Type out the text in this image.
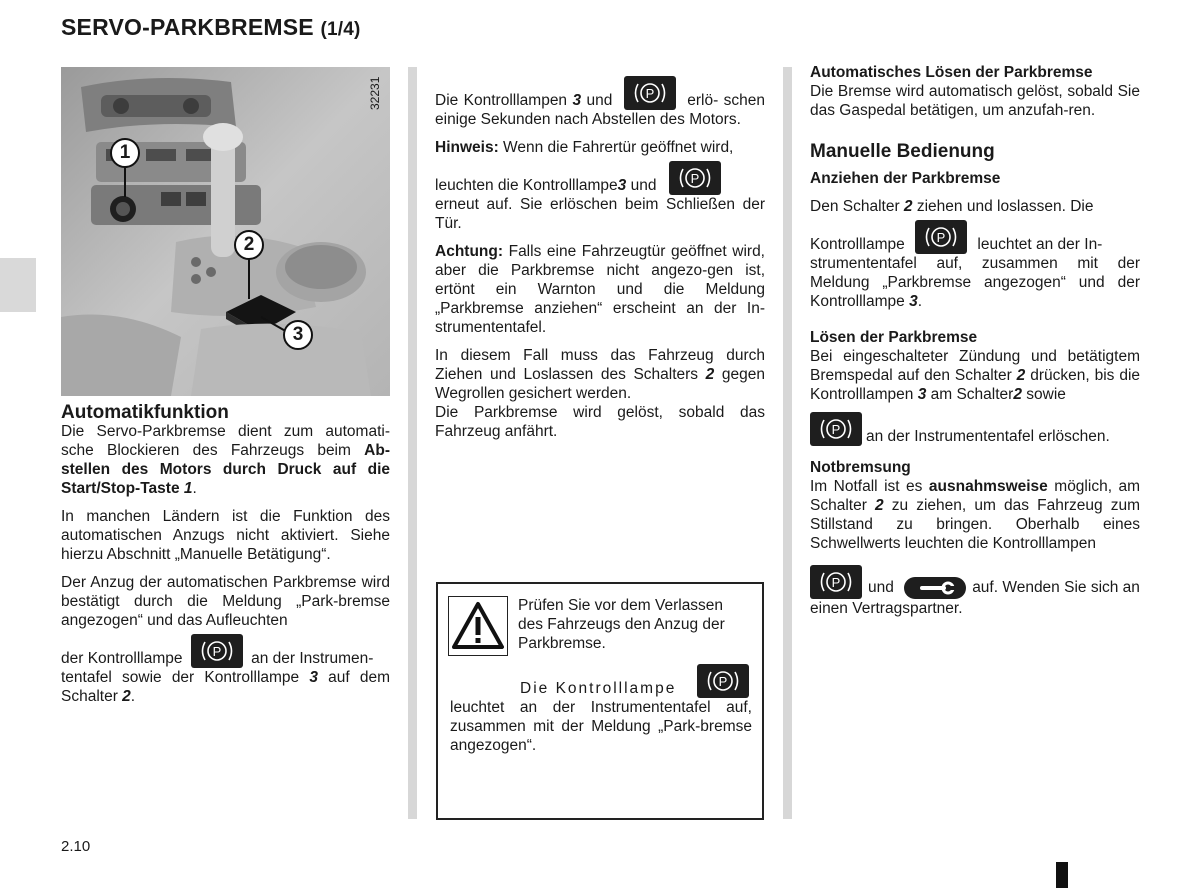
SERVO-PARKBREMSE (1/4)
1
2
3
32231
Automatikfunktion

Die Servo-Parkbremse dient zum automati-sche Blockieren des Fahrzeugs beim Ab-stellen des Motors durch Druck auf die Start/Stop-Taste 1.

In manchen Ländern ist die Funktion des automatischen Anzugs nicht aktiviert. Siehe hierzu Abschnitt „Manuelle Betätigung“.

Der Anzug der automatischen Parkbremse wird bestätigt durch die Meldung „Park-bremse angezogen“ und das Aufleuchten

der Kontrolllampe P an der Instrumen-

tentafel sowie der Kontrolllampe 3 auf dem Schalter 2.

Die Kontrolllampen 3 und	P erlö- schen einige Sekunden nach Abstellen des Motors.

Hinweis: Wenn die Fahrertür geöffnet wird,

leuchten die Kontrolllampe3 und	P

erneut auf. Sie erlöschen beim Schließen der Tür.

Achtung: Falls eine Fahrzeugtür geöffnet wird, aber die Parkbremse nicht angezo-gen ist, ertönt ein Warnton und die Meldung „Parkbremse anziehen“ erscheint an der In-strumententafel.

In diesem Fall muss das Fahrzeug durch Ziehen und Loslassen des Schalters 2 gegen Wegrollen gesichert werden.

Die Parkbremse wird gelöst, sobald das Fahrzeug anfährt.

Prüfen Sie vor dem Verlassen des Fahrzeugs den Anzug der Parkbremse.

Die Kontrolllampe	P

leuchtet an der Instrumententafel auf, zusammen mit der Meldung „Park-bremse angezogen“.

Automatisches Lösen der Parkbremse

Die Bremse wird automatisch gelöst, sobald Sie das Gaspedal betätigen, um anzufah-ren.

Manuelle Bedienung
Anziehen der Parkbremse

Den Schalter 2 ziehen und loslassen. Die

Kontrolllampe P leuchtet an der In-

strumententafel auf, zusammen mit der Meldung „Parkbremse angezogen“ und der Kontrolllampe 3.

Lösen der Parkbremse

Bei eingeschalteter Zündung und betätigtem Bremspedal auf den Schalter 2 drücken, bis die Kontrolllampen 3 am Schalter2 sowie

P an der Instrumententafel erlöschen.

Notbremsung

Im Notfall ist es ausnahmsweise möglich, am Schalter 2 zu ziehen, um das Fahrzeug zum Stillstand zu bringen. Oberhalb eines Schwellwerts leuchten die Kontrolllampen

P und	auf. Wenden Sie sich an einen Vertragspartner.

2.10
